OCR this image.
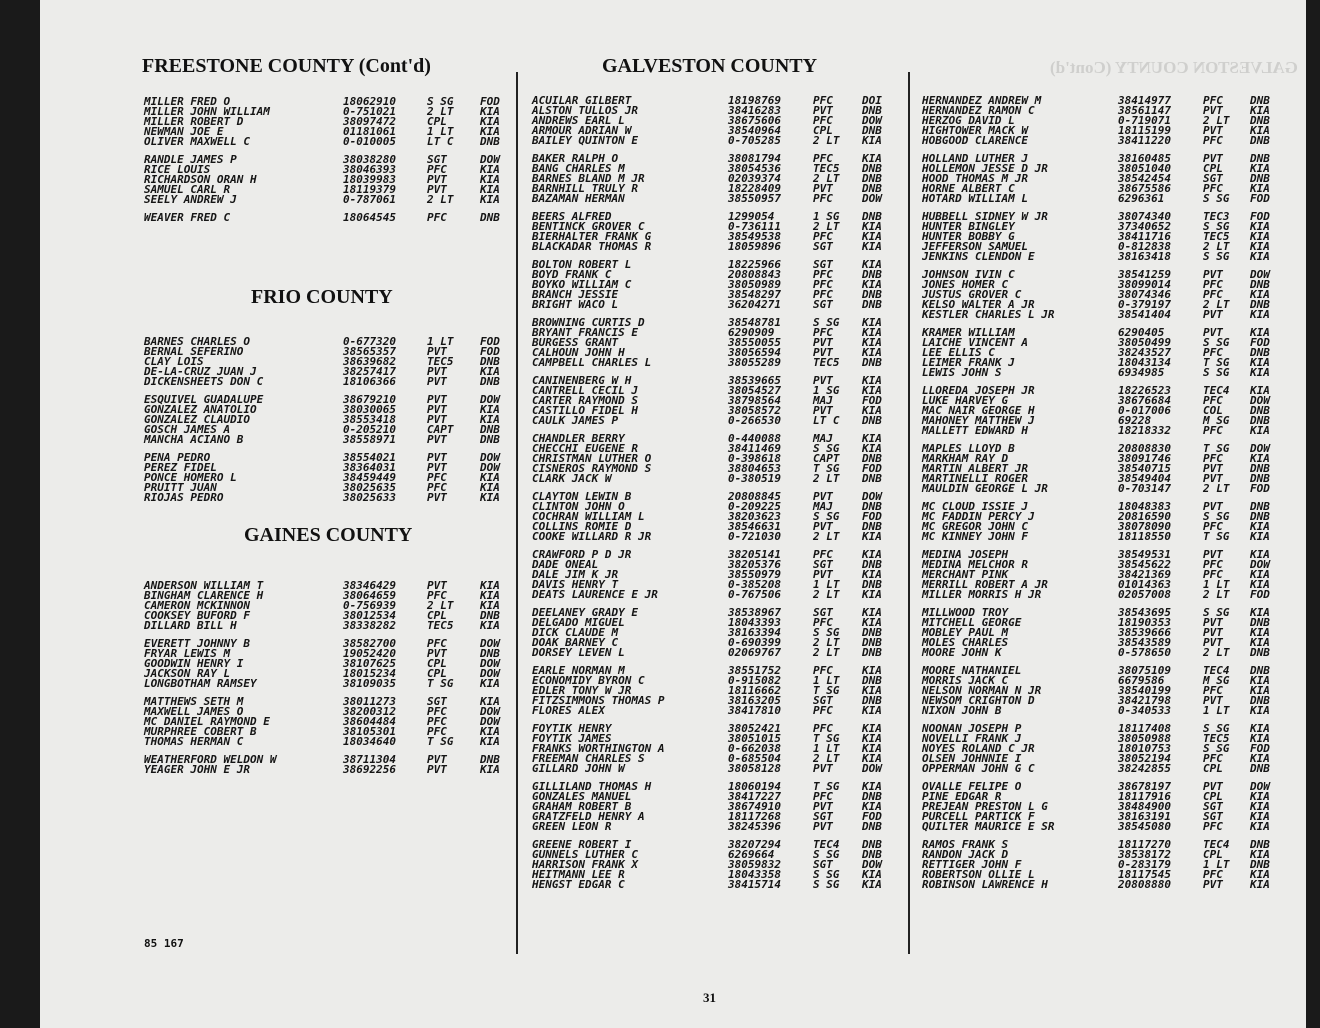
GALVESTON COUNTY (Cont'd)
FREESTONE COUNTY (Cont'd)
FRIO COUNTY
GAINES COUNTY
GALVESTON COUNTY
MILLER FRED O	18062910	S SG FOD
MILLER JOHN WILLIAM	0-751021	2 LT KIA
MILLER ROBERT D	38097472	CPL	KIA
NEWMAN JOE E	01181061	1 LT KIA
OLIVER MAXWELL C	0-010005	LT C DNB
RANDLE JAMES P	38038280	SGT	DOW
RICE LOUIS	38046393	PFC	KIA
RICHARDSON ORAN H	18039983	PVT	KIA
SAMUEL CARL R	18119379	PVT	KIA
SEELY ANDREW J	0-787061	2 LT KIA
WEAVER FRED C	18064545	PFC	DNB
BARNES CHARLES O	0-677320	1 LT FOD
BERNAL SEFERINO	38565357	PVT	FOD
CLAY LOIS	38639682	TEC5 DNB
DE-LA-CRUZ JUAN J	38257417	PVT	KIA
DICKENSHEETS DON C	18106366	PVT	DNB
ESQUIVEL GUADALUPE	38679210	PVT	DOW
GONZALEZ ANATOLIO	38030065	PVT	KIA
GONZALEZ CLAUDIO	38553418	PVT	KIA
GOSCH JAMES A	0-205210	CAPT DNB
MANCHA ACIANO B	38558971	PVT	DNB
PENA PEDRO	38554021	PVT	DOW
PEREZ FIDEL	38364031	PVT	DOW
PONCE HOMERO L	38459449	PFC	KIA
PRUITT JUAN	38025635	PFC	KIA
RIOJAS PEDRO	38025633	PVT	KIA
ANDERSON WILLIAM T	38346429	PVT	KIA
BINGHAM CLARENCE H	38064659	PFC	KIA
CAMERON MCKINNON	0-756939	2 LT KIA
COOKSEY BUFORD F	38012534	CPL	DNB
DILLARD BILL H	38338282	TEC5 KIA
EVERETT JOHNNY B	38582700	PFC	DOW
FRYAR LEWIS M	19052420	PVT	DNB
GOODWIN HENRY I	38107625	CPL	DOW
JACKSON RAY L	18015234	CPL	DOW
LONGBOTHAM RAMSEY	38109035	T SG KIA
MATTHEWS SETH M	38011273	SGT	KIA
MAXWELL JAMES O	38200312	PFC	DOW
MC DANIEL RAYMOND E	38604484	PFC	DOW
MURPHREE COBERT B	38105301	PFC	KIA
THOMAS HERMAN C	18034640	T SG KIA
WEATHERFORD WELDON W	38711304	PVT	DNB
YEAGER JOHN E JR	38692256	PVT	KIA
ACUILAR GILBERT	18198769	PFC	DOI
ALSTON TULLOS JR	38416283	PVT	DNB
ANDREWS EARL L	38675606	PFC	DOW
ARMOUR ADRIAN W	38540964	CPL	DNB
BAILEY QUINTON E	0-705285	2 LT KIA
BAKER RALPH O	38081794	PFC	KIA
BANG CHARLES M	38054536	TEC5 DNB
BARNES BLAND M JR	02039374	2 LT DNB
BARNHILL TRULY R	18228409	PVT	DNB
BAZAMAN HERMAN	38550957	PFC	DOW
BEERS ALFRED	1299054	1 SG DNB
BENTINCK GROVER C	0-736111	2 LT KIA
BIERHALTER FRANK G	38549538	PFC	KIA
BLACKADAR THOMAS R	18059896	SGT	KIA
BOLTON ROBERT L	18225966	SGT	KIA
BOYD FRANK C	20808843	PFC	DNB
BOYKO WILLIAM C	38050989	PFC	KIA
BRANCH JESSIE	38548297	PFC	DNB
BRIGHT WACO L	36204271	SGT	DNB
BROWNING CURTIS D	38548781	S SG KIA
BRYANT FRANCIS E	6290909	PFC	KIA
BURGESS GRANT	38550055	PVT	KIA
CALHOUN JOHN H	38056594	PVT	KIA
CAMPBELL CHARLES L	38055289	TEC5 DNB
CANINENBERG W H	38539665	PVT	KIA
CANTRELL CECIL J	38054527	1 SG KIA
CARTER RAYMOND S	38798564	MAJ	FOD
CASTILLO FIDEL H	38058572	PVT	KIA
CAULK JAMES P	0-266530	LT C DNB
CHANDLER BERRY	0-440088	MAJ	KIA
CHECCHI EUGENE R	38411469	S SG KIA
CHRISTMAN LUTHER O	0-398618	CAPT DNB
CISNEROS RAYMOND S	38804653	T SG FOD
CLARK JACK W	0-380519	2 LT DNB
CLAYTON LEWIN B	20808845	PVT	DOW
CLINTON JOHN O	0-209225	MAJ	DNB
COCHRAN WILLIAM L	38203623	S SG FOD
COLLINS ROMIE D	38546631	PVT	DNB
COOKE WILLARD R JR	0-721030	2 LT KIA
CRAWFORD P D JR	38205141	PFC	KIA
DADE ONEAL	38205376	SGT	DNB
DALE JIM K JR	38550979	PVT	KIA
DAVIS HENRY T	0-385208	1 LT DNB
DEATS LAURENCE E JR	0-767506	2 LT KIA
DEELANEY GRADY E	38538967	SGT	KIA
DELGADO MIGUEL	18043393	PFC	KIA
DICK CLAUDE M	38163394	S SG DNB
DOAK BARNEY C	0-690399	2 LT DNB
DORSEY LEVEN L	02069767	2 LT DNB
EARLE NORMAN M	38551752	PFC	KIA
ECONOMIDY BYRON C	0-915082	1 LT DNB
EDLER TONY W JR	18116662	T SG KIA
FITZSIMMONS THOMAS P	38163205	SGT	DNB
FLORES ALEX	38417810	PFC	KIA
FOYTIK HENRY	38052421	PFC	KIA
FOYTIK JAMES	38051015	T SG KIA
FRANKS WORTHINGTON A	0-662038	1 LT KIA
FREEMAN CHARLES S	0-685504	2 LT KIA
GILLARD JOHN W	38058128	PVT	DOW
GILLILAND THOMAS H	18060194	T SG KIA
GONZALES MANUEL	38417227	PFC	DNB
GRAHAM ROBERT B	38674910	PVT	KIA
GRATZFELD HENRY A	18117268	SGT	FOD
GREEN LEON R	38245396	PVT	DNB
GREENE ROBERT I	38207294	TEC4 DNB
GUNNELS LUTHER C	6269664	S SG DNB
HARRISON FRANK X	38059832	SGT	DOW
HEITMANN LEE R	18043358	S SG KIA
HENGST EDGAR C	38415714	S SG KIA
HERNANDEZ ANDREW M	38414977	PFC DNB
HERNANDEZ RAMON C	38561147	PVT KIA
HERZOG DAVID L	0-719071	2 LT DNB
HIGHTOWER MACK W	18115199	PVT KIA
HOBGOOD CLARENCE	38411220	PFC DNB
HOLLAND LUTHER J	38160485	PVT DNB
HOLLEMON JESSE D JR	38051040	CPL KIA
HOOD THOMAS M JR	38542454	SGT DNB
HORNE ALBERT C	38675586	PFC KIA
HOTARD WILLIAM L	6296361	S SG FOD
HUBBELL SIDNEY W JR	38074340	TEC3 FOD
HUNTER BINGLEY	37340652	S SG KIA
HUNTER BOBBY G	38411716	TEC5 KIA
JEFFERSON SAMUEL	0-812838	2 LT KIA
JENKINS CLENDON E	38163418	S SG KIA
JOHNSON IVIN C	38541259	PVT DOW
JONES HOMER C	38099014	PFC DNB
JUSTUS GROVER C	38074346	PFC KIA
KELSO WALTER A JR	0-379197	2 LT DNB
KESTLER CHARLES L JR	38541404	PVT KIA
KRAMER WILLIAM	6290405	PVT KIA
LAICHE VINCENT A	38050499	S SG FOD
LEE ELLIS C	38243527	PFC DNB
LEIMER FRANK J	18043134	T SG KIA
LEWIS JOHN S	6934985	S SG KIA
LLOREDA JOSEPH JR	18226523	TEC4 KIA
LUKE HARVEY G	38676684	PFC DOW
MAC NAIR GEORGE H	0-017006	COL DNB
MAHONEY MATTHEW J	69228	M SG DNB
MALLETT EDWARD H	18218332	PFC KIA
MAPLES LLOYD B	20808830	T SG DOW
MARKHAM RAY D	38091746	PFC KIA
MARTIN ALBERT JR	38540715	PVT DNB
MARTINELLI ROGER	38549404	PVT DNB
MAULDIN GEORGE L JR	0-703147	2 LT FOD
MC CLOUD ISSIE J	18048383	PVT DNB
MC FADDIN PERCY J	20816590	S SG DNB
MC GREGOR JOHN C	38078090	PFC KIA
MC KINNEY JOHN F	18118550	T SG KIA
MEDINA JOSEPH	38549531	PVT KIA
MEDINA MELCHOR R	38545622	PFC DOW
MERCHANT PINK	38421369	PFC KIA
MERRILL ROBERT A JR	01014363	1 LT KIA
MILLER MORRIS H JR	02057008	2 LT FOD
MILLWOOD TROY	38543695	S SG KIA
MITCHELL GEORGE	18190353	PVT DNB
MOBLEY PAUL M	38539666	PVT KIA
MOLES CHARLES	38543589	PVT KIA
MOORE JOHN K	0-578650	2 LT DNB
MOORE NATHANIEL	38075109	TEC4 DNB
MORRIS JACK C	6679586	M SG KIA
NELSON NORMAN N JR	38540199	PFC KIA
NEWSOM CRIGHTON D	38421798	PVT DNB
NIXON JOHN B	0-340533	1 LT KIA
NOONAN JOSEPH P	18117408	S SG KIA
NOVELLI FRANK J	38050988	TEC5 KIA
NOYES ROLAND C JR	18010753	S SG FOD
OLSEN JOHNNIE I	38052194	PFC KIA
OPPERMAN JOHN G C	38242855	CPL DNB
OVALLE FELIPE O	38678197	PVT DOW
PINE EDGAR R	18117916	CPL KIA
PREJEAN PRESTON L G	38484900	SGT KIA
PURCELL PARTICK F	38163191	SGT KIA
QUILTER MAURICE E SR	38545080	PFC KIA
RAMOS FRANK S	18117270	TEC4 DNB
RANDON JACK D	38538172	CPL KIA
RETTIGER JOHN F	0-283179	1 LT DNB
ROBERTSON OLLIE L	18117545	PFC KIA
ROBINSON LAWRENCE H	20808880	PVT KIA
85 167
31
